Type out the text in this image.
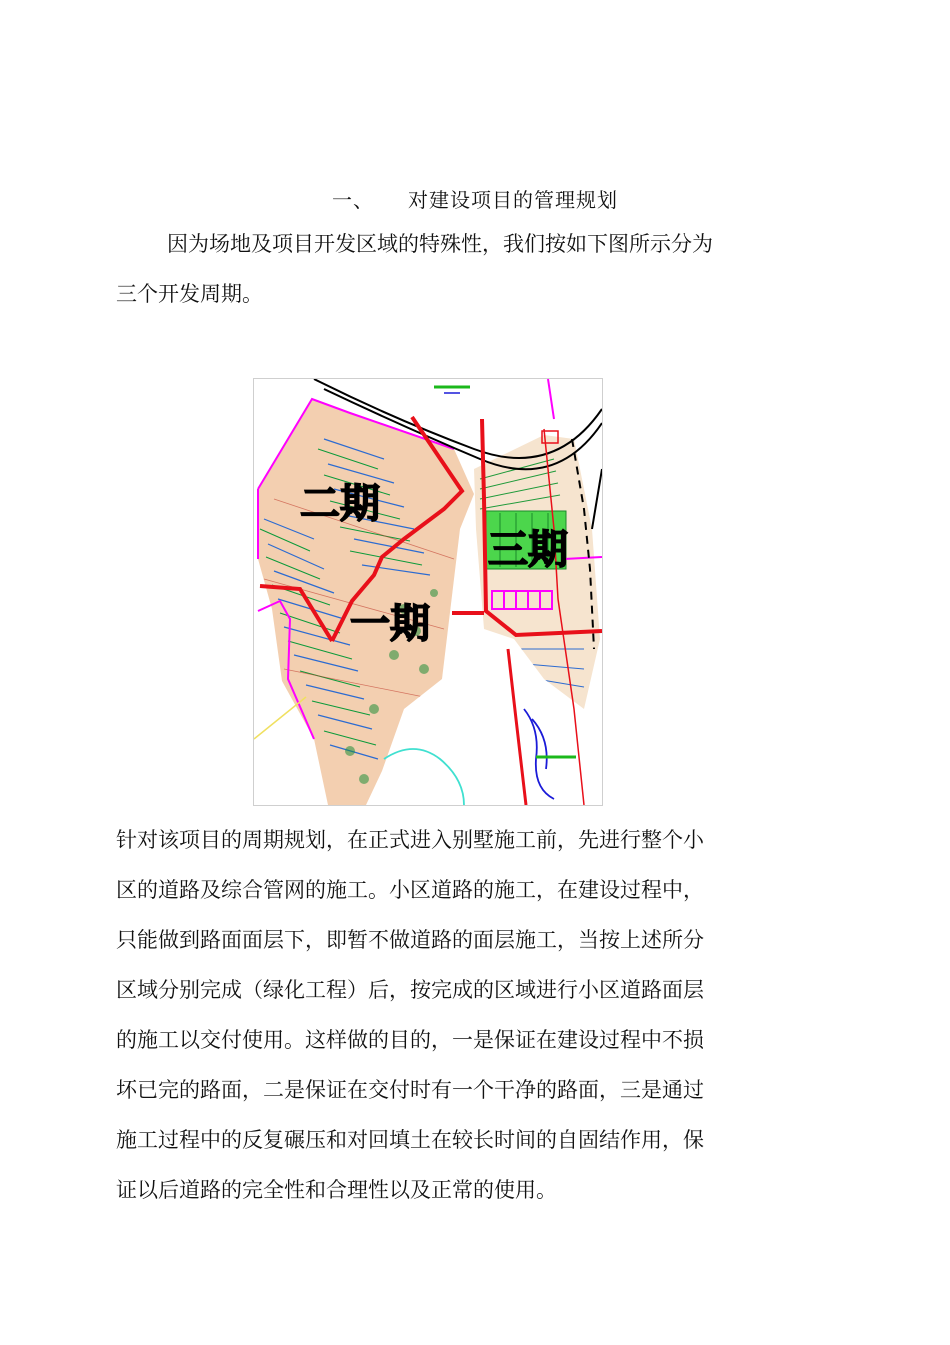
一、 对建设项目的管理规划
因为场地及项目开发区域的特殊性，我们按如下图所示分为
三个开发周期。
二期
一期
三期
针对该项目的周期规划，在正式进入别墅施工前，先进行整个小
区的道路及综合管网的施工。小区道路的施工，在建设过程中，
只能做到路面面层下，即暂不做道路的面层施工，当按上述所分
区域分别完成（绿化工程）后，按完成的区域进行小区道路面层
的施工以交付使用。这样做的目的，一是保证在建设过程中不损
坏已完的路面，二是保证在交付时有一个干净的路面，三是通过
施工过程中的反复碾压和对回填土在较长时间的自固结作用，保
证以后道路的完全性和合理性以及正常的使用。
